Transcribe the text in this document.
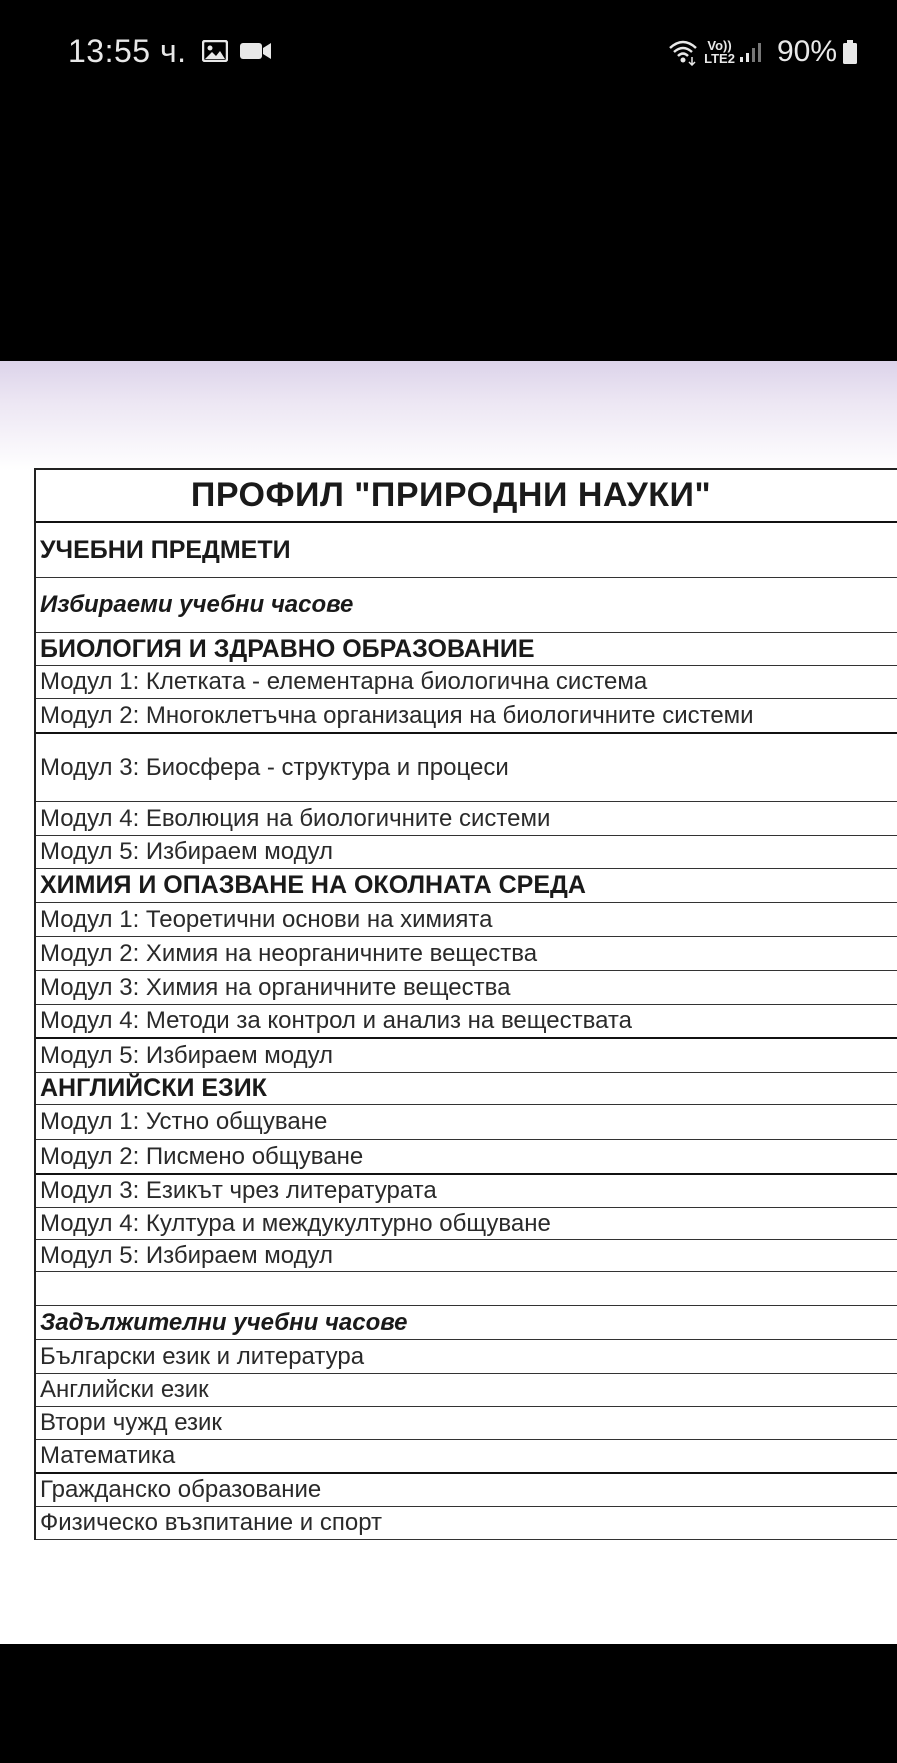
13:55 ч.	Vo))
LTE2 90%
ПРОФИЛ "ПРИРОДНИ НАУКИ"
УЧЕБНИ ПРЕДМЕТИ
Избираеми учебни часове
БИОЛОГИЯ И ЗДРАВНО ОБРАЗОВАНИЕ
Модул 1: Клетката - елементарна биологична система
Модул 2: Многоклетъчна организация на биологичните системи
Модул 3: Биосфера - структура и процеси
Модул 4: Еволюция на биологичните системи
Модул 5: Избираем модул
ХИМИЯ И ОПАЗВАНЕ НА ОКОЛНАТА СРЕДА
Модул 1: Теоретични основи на химията
Модул 2: Химия на неорганичните вещества
Модул 3: Химия на органичните вещества
Модул 4: Методи за контрол и анализ на веществата
Модул 5: Избираем модул
АНГЛИЙСКИ ЕЗИК
Модул 1: Устно общуване
Модул 2: Писмено общуване
Модул 3: Езикът чрез литературата
Модул 4: Култура и междукултурно общуване
Модул 5: Избираем модул
Задължителни учебни часове
Български език и литература
Английски език
Втори чужд език
Математика
Гражданско образование
Физическо възпитание и спорт
